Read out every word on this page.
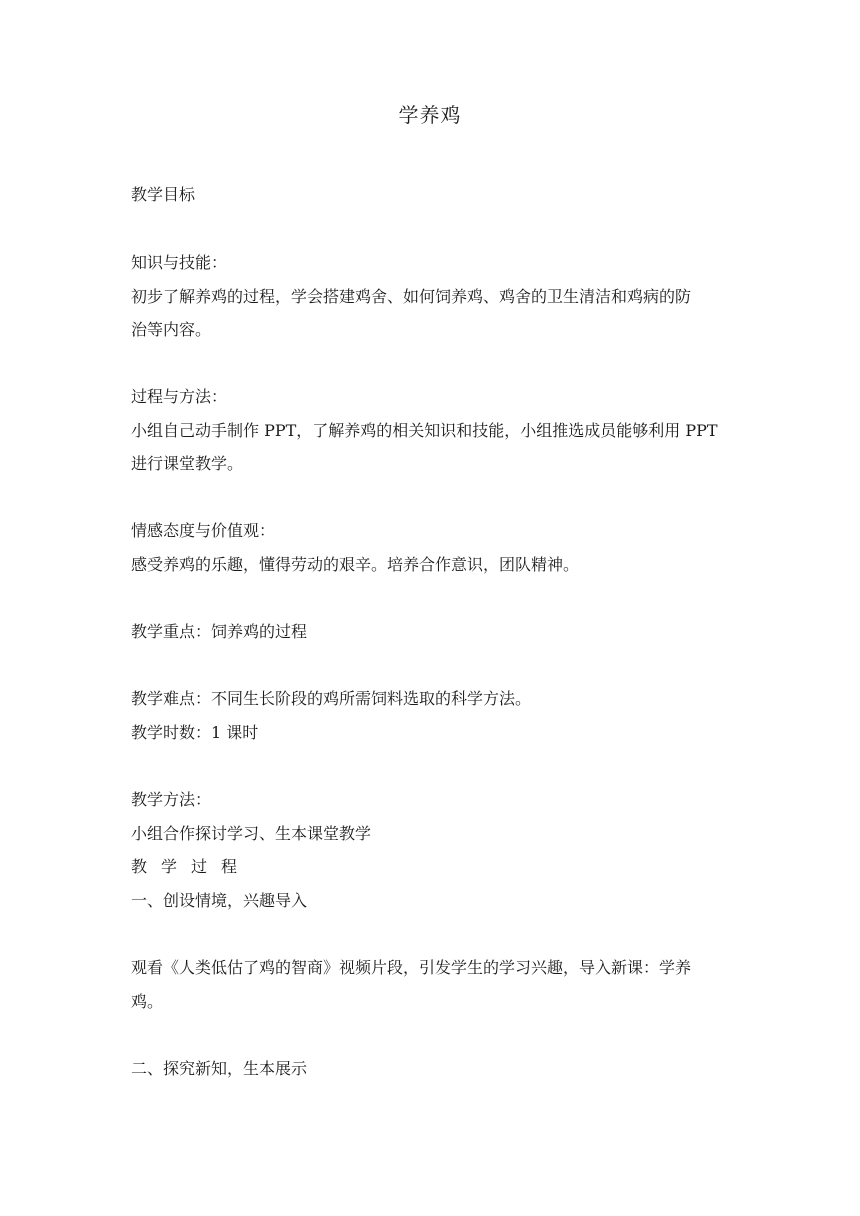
学养鸡
教学目标
知识与技能：
初步了解养鸡的过程，学会搭建鸡舍、如何饲养鸡、鸡舍的卫生清洁和鸡病的防
治等内容。
过程与方法：
小组自己动手制作 PPT，了解养鸡的相关知识和技能，小组推选成员能够利用 PPT
进行课堂教学。
情感态度与价值观：
感受养鸡的乐趣，懂得劳动的艰辛。培养合作意识，团队精神。
教学重点：饲养鸡的过程
教学难点：不同生长阶段的鸡所需饲料选取的科学方法。
教学时数：1 课时
教学方法：
小组合作探讨学习、生本课堂教学
教学过程
一、创设情境，兴趣导入
观看《人类低估了鸡的智商》视频片段，引发学生的学习兴趣，导入新课：学养
鸡。
二、探究新知，生本展示
